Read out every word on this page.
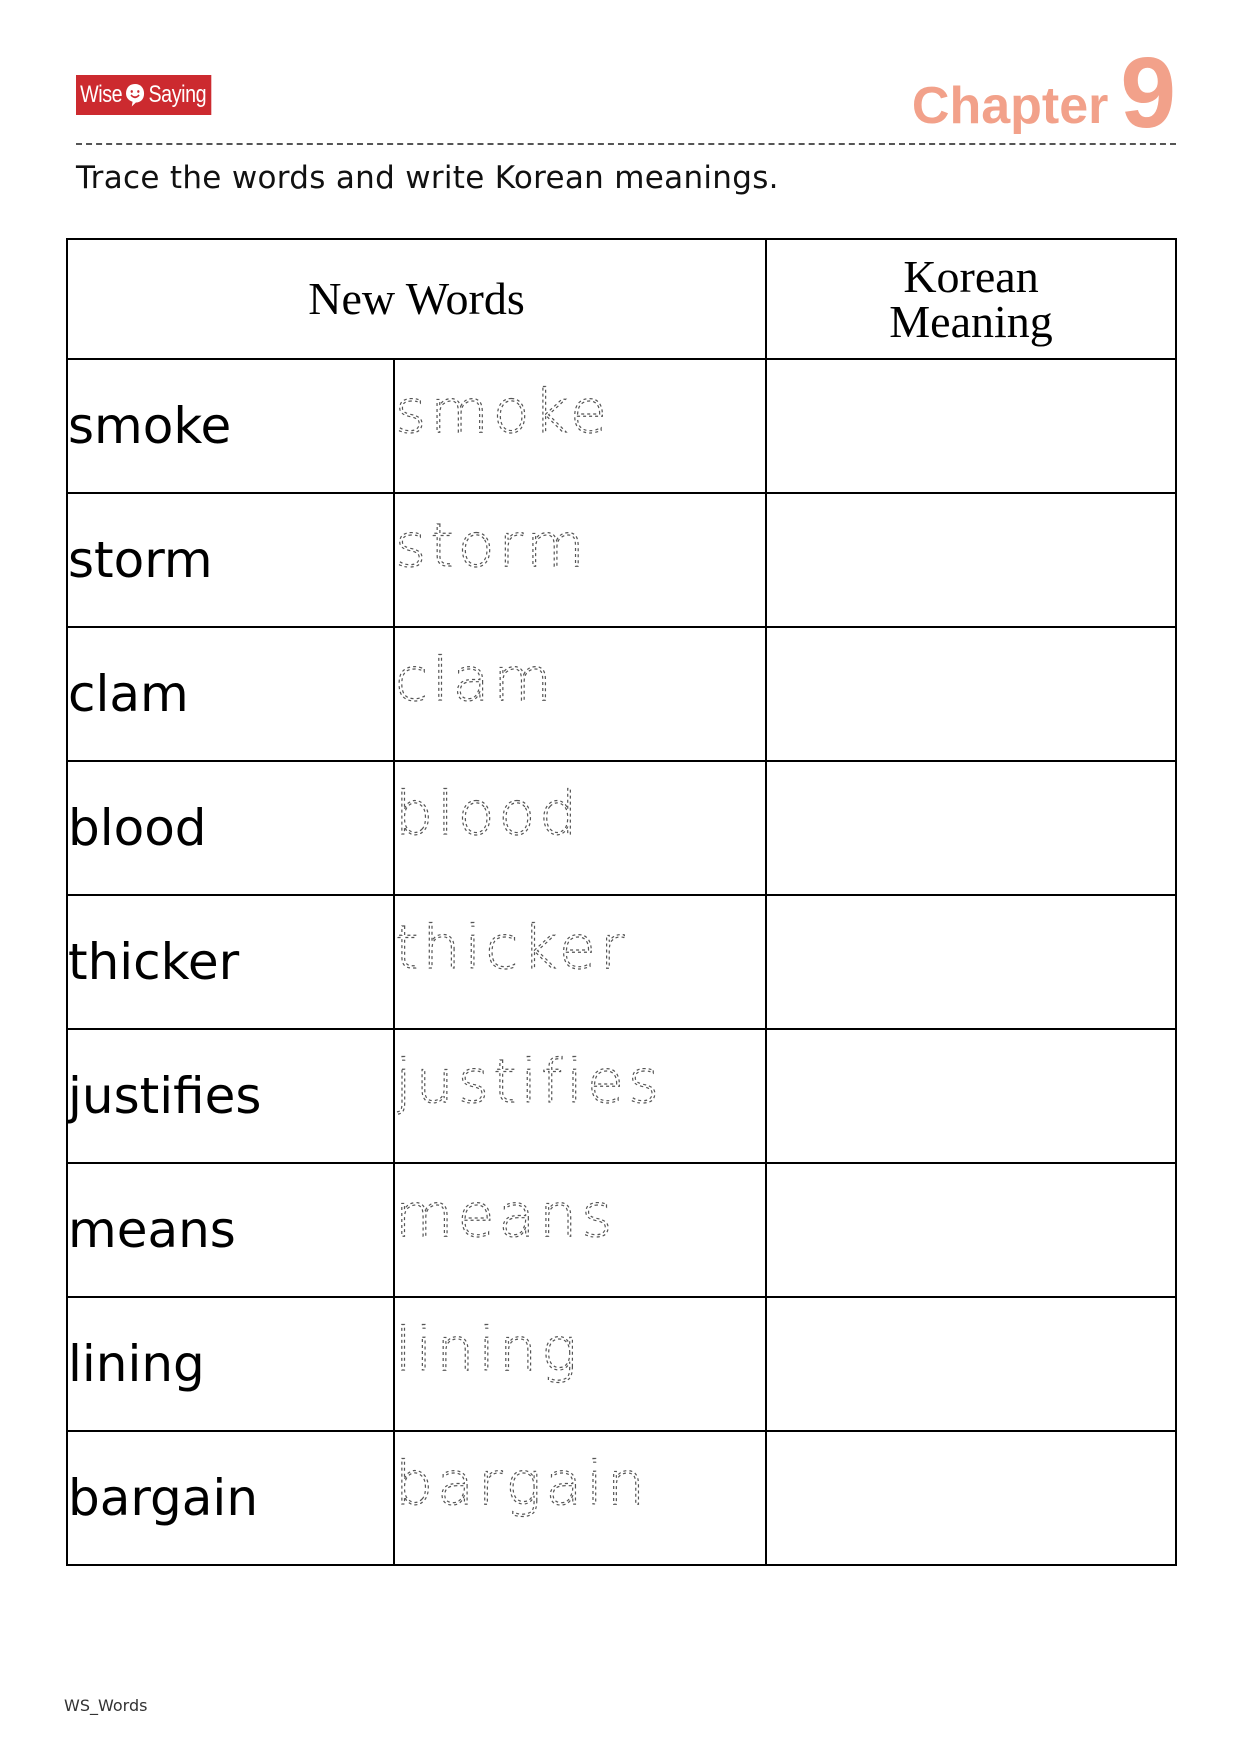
Wise Saying	Chapter 9
Trace the words and write Korean meanings.
New Words		Korean
Meaning
smoke	smoke	

storm	storm	

clam	clam	

blood	blood	

thicker	thicker	

justifies	justifies	

means	means	

lining	lining	

bargain	bargain	

WS_Words
